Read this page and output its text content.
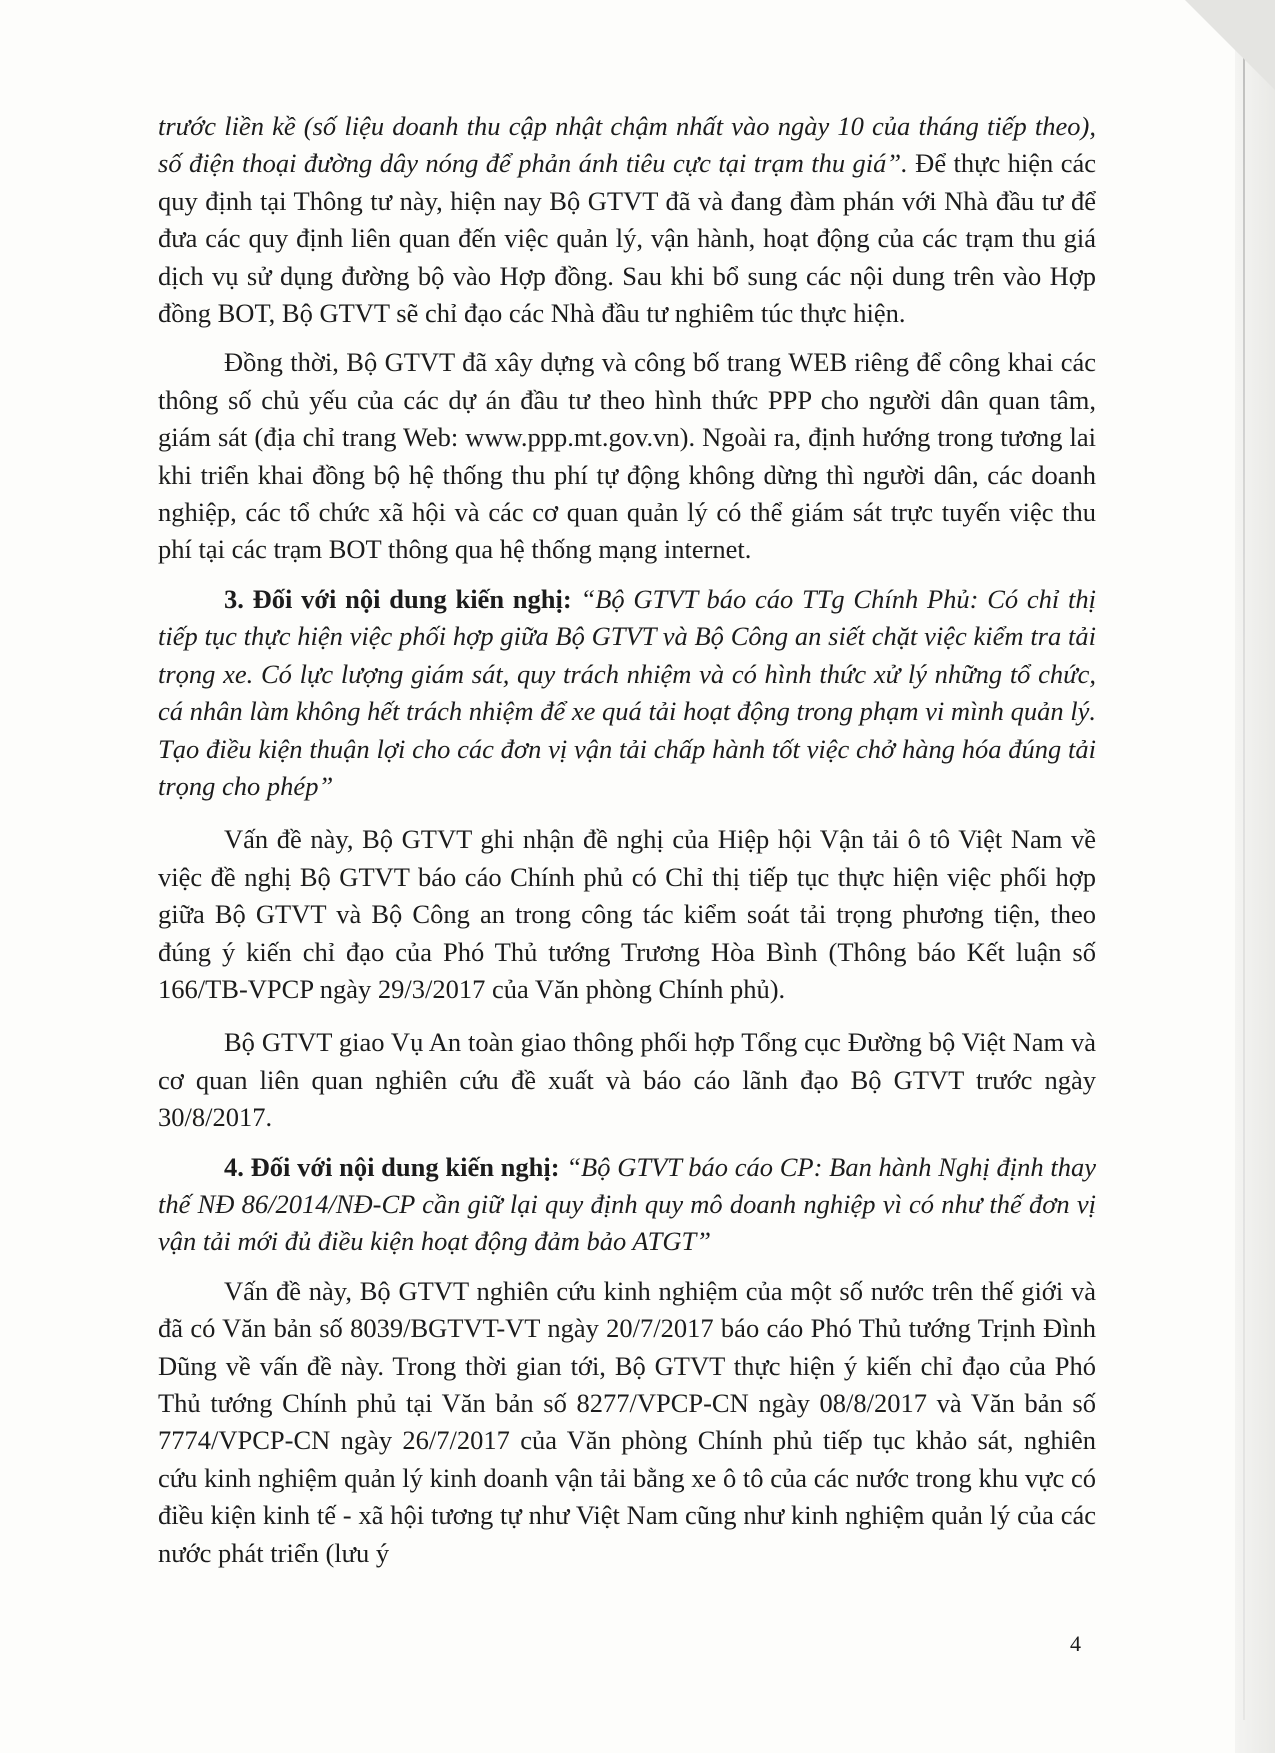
trước liền kề (số liệu doanh thu cập nhật chậm nhất vào ngày 10 của tháng tiếp theo), số điện thoại đường dây nóng để phản ánh tiêu cực tại trạm thu giá”. Để thực hiện các quy định tại Thông tư này, hiện nay Bộ GTVT đã và đang đàm phán với Nhà đầu tư để đưa các quy định liên quan đến việc quản lý, vận hành, hoạt động của các trạm thu giá dịch vụ sử dụng đường bộ vào Hợp đồng. Sau khi bổ sung các nội dung trên vào Hợp đồng BOT, Bộ GTVT sẽ chỉ đạo các Nhà đầu tư nghiêm túc thực hiện.

Đồng thời, Bộ GTVT đã xây dựng và công bố trang WEB riêng để công khai các thông số chủ yếu của các dự án đầu tư theo hình thức PPP cho người dân quan tâm, giám sát (địa chỉ trang Web: www.ppp.mt.gov.vn). Ngoài ra, định hướng trong tương lai khi triển khai đồng bộ hệ thống thu phí tự động không dừng thì người dân, các doanh nghiệp, các tổ chức xã hội và các cơ quan quản lý có thể giám sát trực tuyến việc thu phí tại các trạm BOT thông qua hệ thống mạng internet.

3. Đối với nội dung kiến nghị: “Bộ GTVT báo cáo TTg Chính Phủ: Có chỉ thị tiếp tục thực hiện việc phối hợp giữa Bộ GTVT và Bộ Công an siết chặt việc kiểm tra tải trọng xe. Có lực lượng giám sát, quy trách nhiệm và có hình thức xử lý những tổ chức, cá nhân làm không hết trách nhiệm để xe quá tải hoạt động trong phạm vi mình quản lý. Tạo điều kiện thuận lợi cho các đơn vị vận tải chấp hành tốt việc chở hàng hóa đúng tải trọng cho phép”

Vấn đề này, Bộ GTVT ghi nhận đề nghị của Hiệp hội Vận tải ô tô Việt Nam về việc đề nghị Bộ GTVT báo cáo Chính phủ có Chỉ thị tiếp tục thực hiện việc phối hợp giữa Bộ GTVT và Bộ Công an trong công tác kiểm soát tải trọng phương tiện, theo đúng ý kiến chỉ đạo của Phó Thủ tướng Trương Hòa Bình (Thông báo Kết luận số 166/TB-VPCP ngày 29/3/2017 của Văn phòng Chính phủ).

Bộ GTVT giao Vụ An toàn giao thông phối hợp Tổng cục Đường bộ Việt Nam và cơ quan liên quan nghiên cứu đề xuất và báo cáo lãnh đạo Bộ GTVT trước ngày 30/8/2017.

4. Đối với nội dung kiến nghị: “Bộ GTVT báo cáo CP: Ban hành Nghị định thay thế NĐ 86/2014/NĐ-CP cần giữ lại quy định quy mô doanh nghiệp vì có như thế đơn vị vận tải mới đủ điều kiện hoạt động đảm bảo ATGT”

Vấn đề này, Bộ GTVT nghiên cứu kinh nghiệm của một số nước trên thế giới và đã có Văn bản số 8039/BGTVT-VT ngày 20/7/2017 báo cáo Phó Thủ tướng Trịnh Đình Dũng về vấn đề này. Trong thời gian tới, Bộ GTVT thực hiện ý kiến chỉ đạo của Phó Thủ tướng Chính phủ tại Văn bản số 8277/VPCP-CN ngày 08/8/2017 và Văn bản số 7774/VPCP-CN ngày 26/7/2017 của Văn phòng Chính phủ tiếp tục khảo sát, nghiên cứu kinh nghiệm quản lý kinh doanh vận tải bằng xe ô tô của các nước trong khu vực có điều kiện kinh tế - xã hội tương tự như Việt Nam cũng như kinh nghiệm quản lý của các nước phát triển (lưu ý

4
